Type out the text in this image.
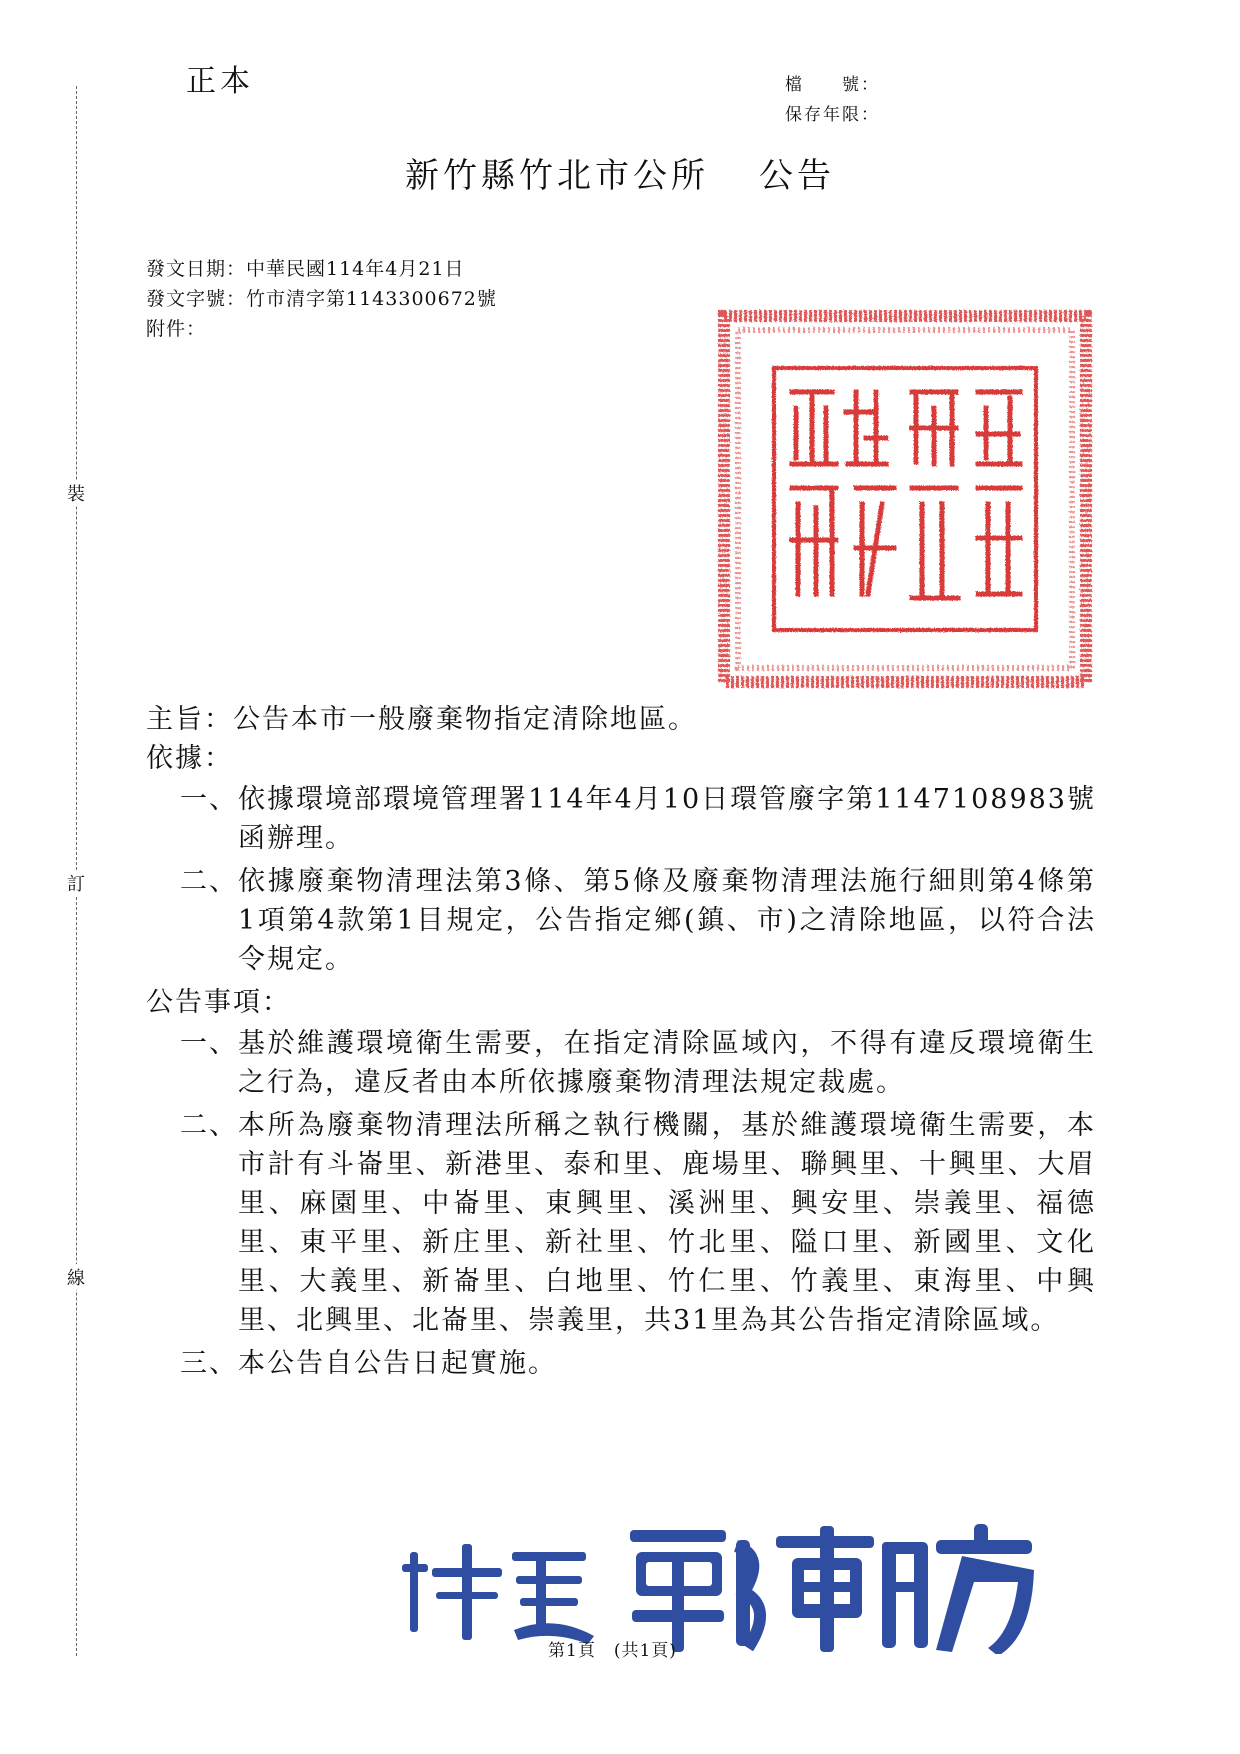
裝
訂
線
正本	檔　　號：
保存年限：
新竹縣竹北市公所 公告
發文日期：中華民國114年4月21日
發文字號：竹市清字第1143300672號
附件：

主旨：公告本市一般廢棄物指定清除地區。

依據：

一、 依據環境部環境管理署114年4月10日環管廢字第1147108983號函辦理。
二、 依據廢棄物清理法第3條、第5條及廢棄物清理法施行細則第4條第1項第4款第1目規定，公告指定鄉(鎮、市)之清除地區，以符合法令規定。

公告事項：

一、 基於維護環境衛生需要，在指定清除區域內，不得有違反環境衛生之行為，違反者由本所依據廢棄物清理法規定裁處。
二、 本所為廢棄物清理法所稱之執行機關，基於維護環境衛生需要，本市計有斗崙里、新港里、泰和里、鹿場里、聯興里、十興里、大眉里、麻園里、中崙里、東興里、溪洲里、興安里、崇義里、福德里、東平里、新庄里、新社里、竹北里、隘口里、新國里、文化里、大義里、新崙里、白地里、竹仁里、竹義里、東海里、中興里、北興里、北崙里、崇義里，共31里為其公告指定清除區域。
三、 本公告自公告日起實施。
第1頁　(共1頁)
